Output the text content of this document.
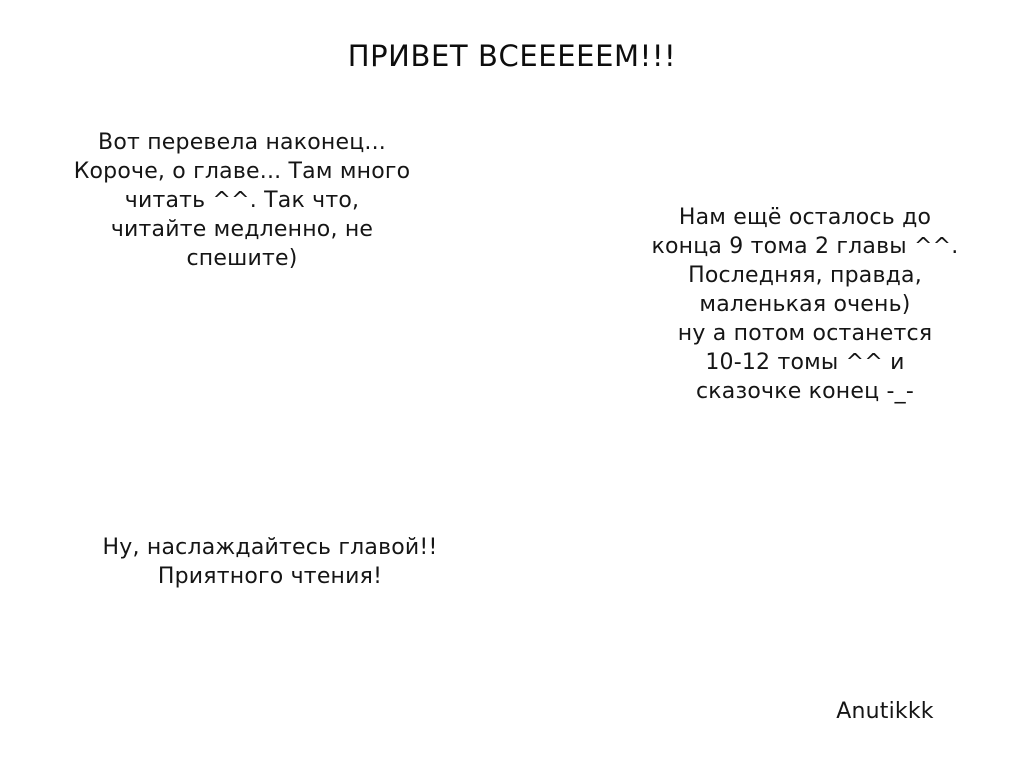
ПРИВЕТ ВСЕЕЕЕЕМ!!!
Вот перевела наконец...
Короче, о главе... Там много
читать ^^. Так что,
читайте медленно, не
спешите)
Нам ещё осталось до
конца 9 тома 2 главы ^^.
Последняя, правда,
маленькая очень)
ну а потом останется
10-12 томы ^^ и
сказочке конец -_-
Ну, наслаждайтесь главой!!
Приятного чтения!
Anutikkk
